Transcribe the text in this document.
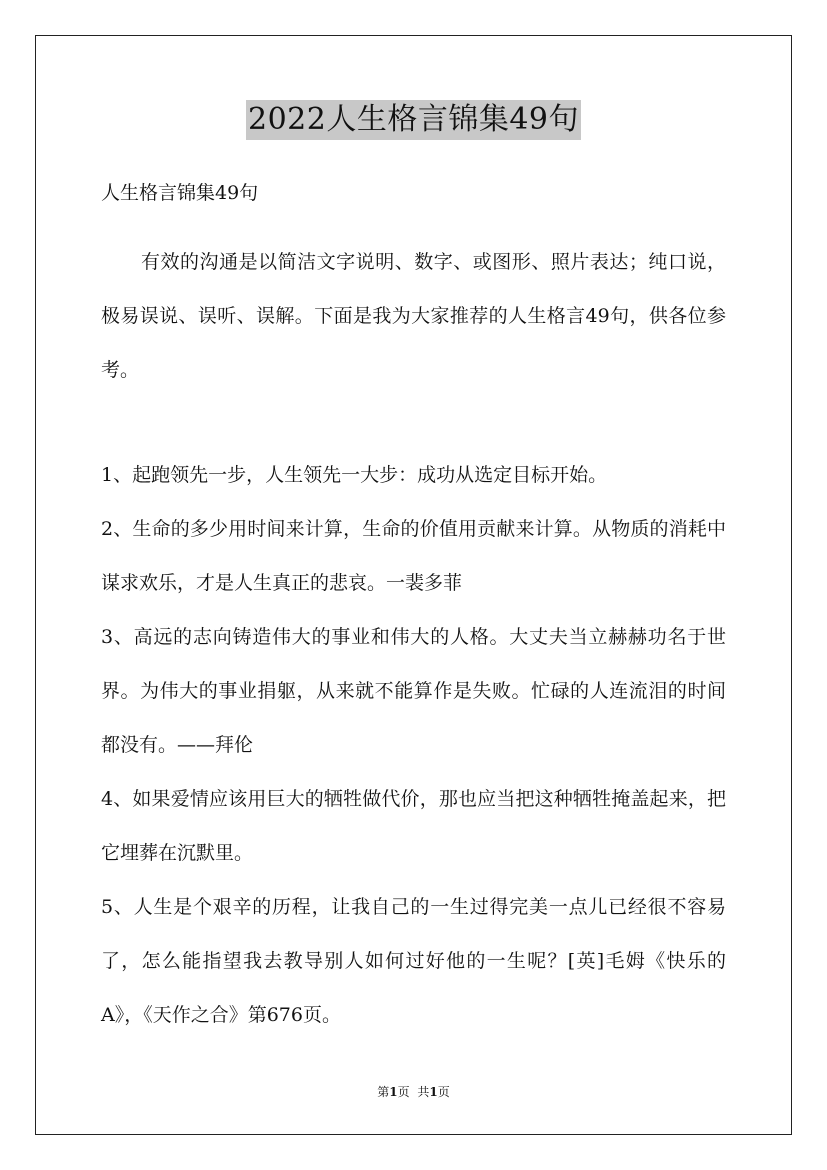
2022人生格言锦集49句
人生格言锦集49句
有效的沟通是以简洁文字说明、数字、或图形、照片表达；纯口说，极易误说、误听、误解。下面是我为大家推荐的人生格言49句，供各位参考。

1、起跑领先一步，人生领先一大步：成功从选定目标开始。

2、生命的多少用时间来计算，生命的价值用贡献来计算。从物质的消耗中谋求欢乐，才是人生真正的悲哀。一裴多菲

3、高远的志向铸造伟大的事业和伟大的人格。大丈夫当立赫赫功名于世界。为伟大的事业捐躯，从来就不能算作是失败。忙碌的人连流泪的时间都没有。——拜伦

4、如果爱情应该用巨大的牺牲做代价，那也应当把这种牺牲掩盖起来，把它埋葬在沉默里。

5、人生是个艰辛的历程，让我自己的一生过得完美一点儿已经很不容易了，怎么能指望我去教导别人如何过好他的一生呢？[英]毛姆《快乐的A》，《天作之合》第676页。

第1页 共1页
